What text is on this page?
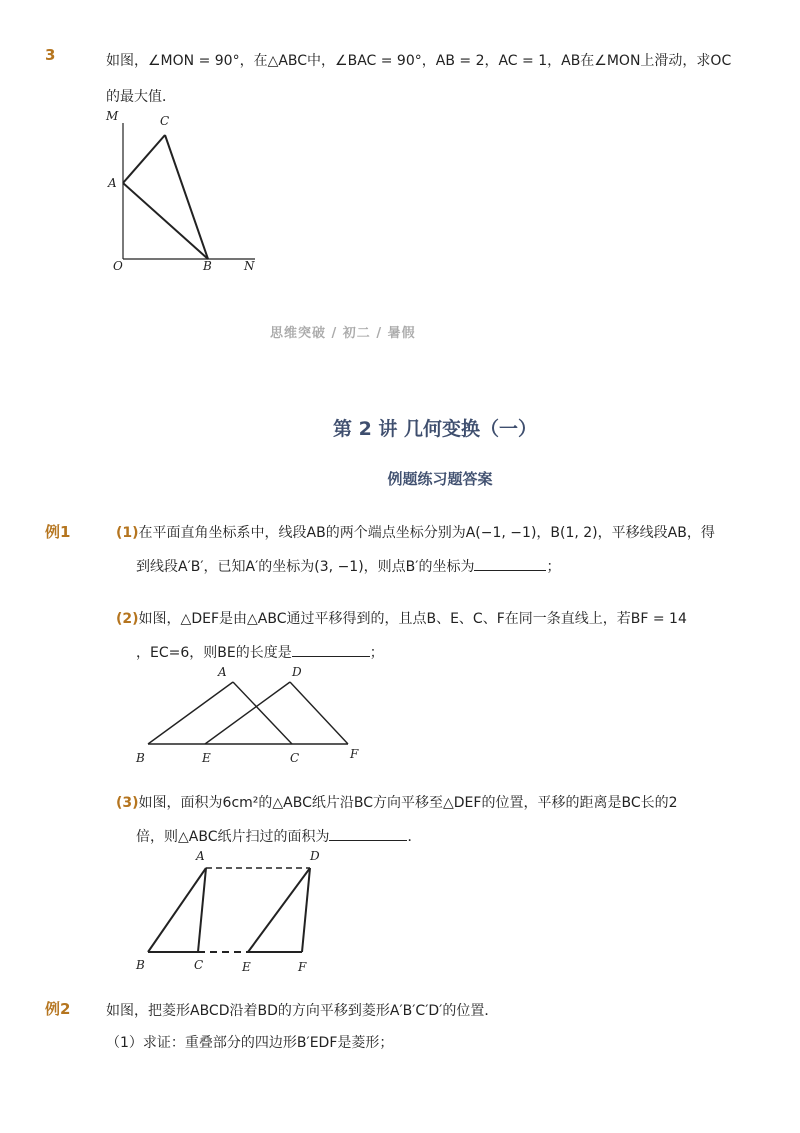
3	如图，∠MON = 90°，在△ABC中，∠BAC = 90°，AB = 2，AC = 1，AB在∠MON上滑动，求OC
的最大值．
M	C
A
O	B	N
思维突破 / 初二 / 暑假
第 2 讲 几何变换（一）
例题练习题答案
例1	(1)在平面直角坐标系中，线段AB的两个端点坐标分别为A(−1, −1)，B(1, 2)，平移线段AB，得
到线段A′B′，已知A′的坐标为(3, −1)，则点B′的坐标为	；
(2)如图，△DEF是由△ABC通过平移得到的，且点B、E、C、F在同一条直线上，若BF = 14
，EC=6，则BE的长度是	；
A	D
B	E	C	F
(3)如图，面积为6cm²的△ABC纸片沿BC方向平移至△DEF的位置，平移的距离是BC长的2
倍，则△ABC纸片扫过的面积为	．
A	D
B	C	E	F
例2	如图，把菱形ABCD沿着BD的方向平移到菱形A′B′C′D′的位置．
（1）求证：重叠部分的四边形B′EDF是菱形；
